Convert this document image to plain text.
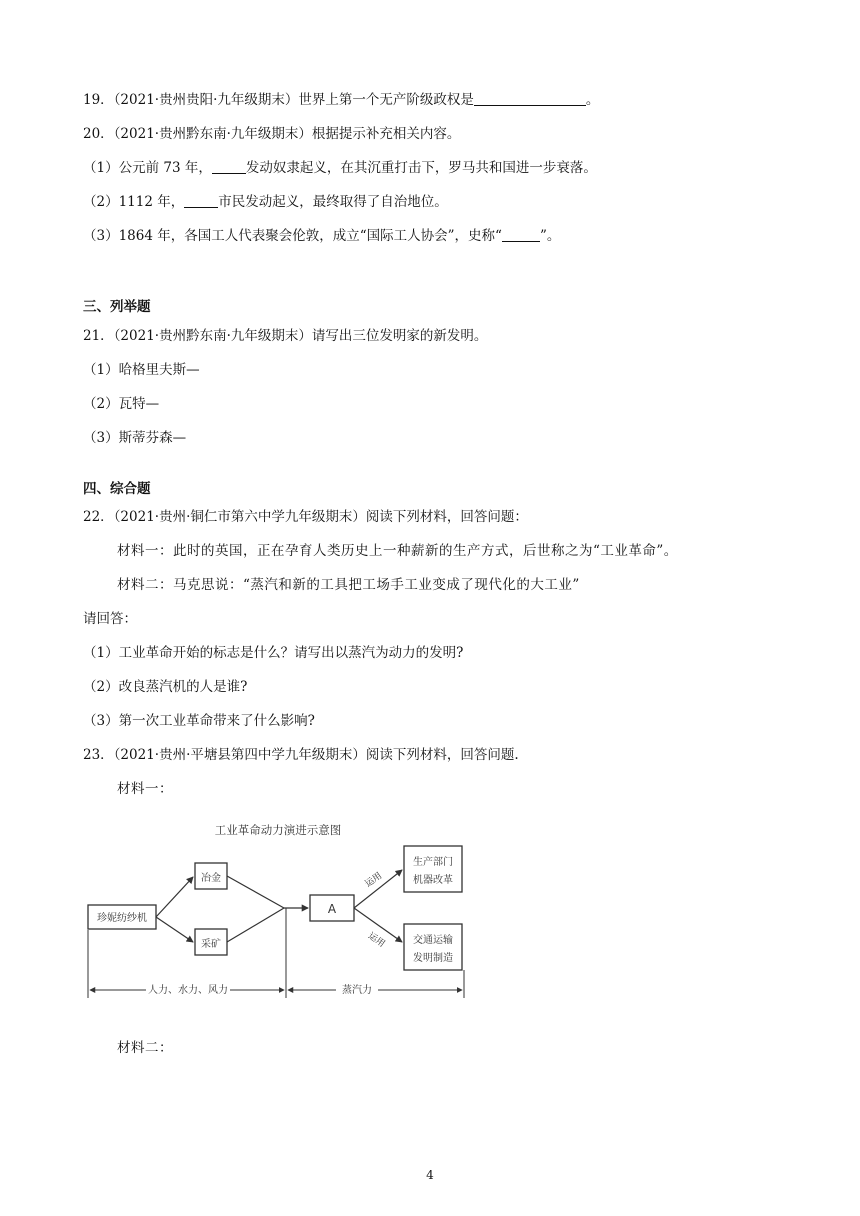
19．（2021·贵州贵阳·九年级期末）世界上第一个无产阶级政权是	。
20．（2021·贵州黔东南·九年级期末）根据提示补充相关内容。
（1）公元前 73 年，	发动奴隶起义，在其沉重打击下，罗马共和国进一步衰落。
（2）1112 年，	市民发动起义，最终取得了自治地位。
（3）1864 年，各国工人代表聚会伦敦，成立“国际工人协会”，史称“	”。
三、列举题
21．（2021·贵州黔东南·九年级期末）请写出三位发明家的新发明。
（1）哈格里夫斯—
（2）瓦特—
（3）斯蒂芬森—
四、综合题
22．（2021·贵州·铜仁市第六中学九年级期末）阅读下列材料，回答问题：
材料一：此时的英国，正在孕育人类历史上一种薪新的生产方式，后世称之为“工业革命”。
材料二：马克思说：“蒸汽和新的工具把工场手工业变成了现代化的大工业”
请回答：
（1）工业革命开始的标志是什么？请写出以蒸汽为动力的发明?
（2）改良蒸汽机的人是谁?
（3）第一次工业革命带来了什么影响?
23．（2021·贵州·平塘县第四中学九年级期末）阅读下列材料，回答问题.
材料一：
工业革命动力演进示意图
珍妮纺纱机
冶金
采矿
A
运用
运用
生产部门
机器改革
交通运输
发明制造
人力、水力、风力	蒸汽力
材料二：
4
